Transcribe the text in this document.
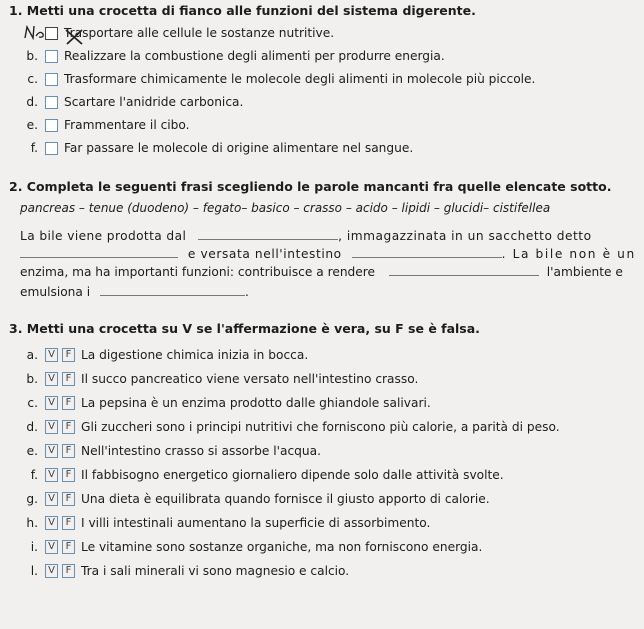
1. Metti una crocetta di fianco alle funzioni del sistema digerente.
Trasportare alle cellule le sostanze nutritive.
b.	Realizzare la combustione degli alimenti per produrre energia.
c.	Trasformare chimicamente le molecole degli alimenti in molecole più piccole.
d.	Scartare l'anidride carbonica.
e.	Frammentare il cibo.
f.	Far passare le molecole di origine alimentare nel sangue.
2. Completa le seguenti frasi scegliendo le parole mancanti fra quelle elencate sotto.
pancreas – tenue (duodeno) – fegato– basico – crasso – acido – lipidi – glucidi– cistifellea
La bile viene prodotta dal	, immagazzinata in un sacchetto detto
e versata nell'intestino	. La bile non è un
enzima, ma ha importanti funzioni: contribuisce a rendere	l'ambiente e
emulsiona i	.
3. Metti una crocetta su V se l'affermazione è vera, su F se è falsa.
a.	V	F La digestione chimica inizia in bocca.
b.	V	F Il succo pancreatico viene versato nell'intestino crasso.
c.	V	F La pepsina è un enzima prodotto dalle ghiandole salivari.
d.	V	F Gli zuccheri sono i principi nutritivi che forniscono più calorie, a parità di peso.
e.	V	F Nell'intestino crasso si assorbe l'acqua.
f.	V	F Il fabbisogno energetico giornaliero dipende solo dalle attività svolte.
g.	V	F Una dieta è equilibrata quando fornisce il giusto apporto di calorie.
h.	V	F I villi intestinali aumentano la superficie di assorbimento.
i.	V	F Le vitamine sono sostanze organiche, ma non forniscono energia.
l.	V	F Tra i sali minerali vi sono magnesio e calcio.
